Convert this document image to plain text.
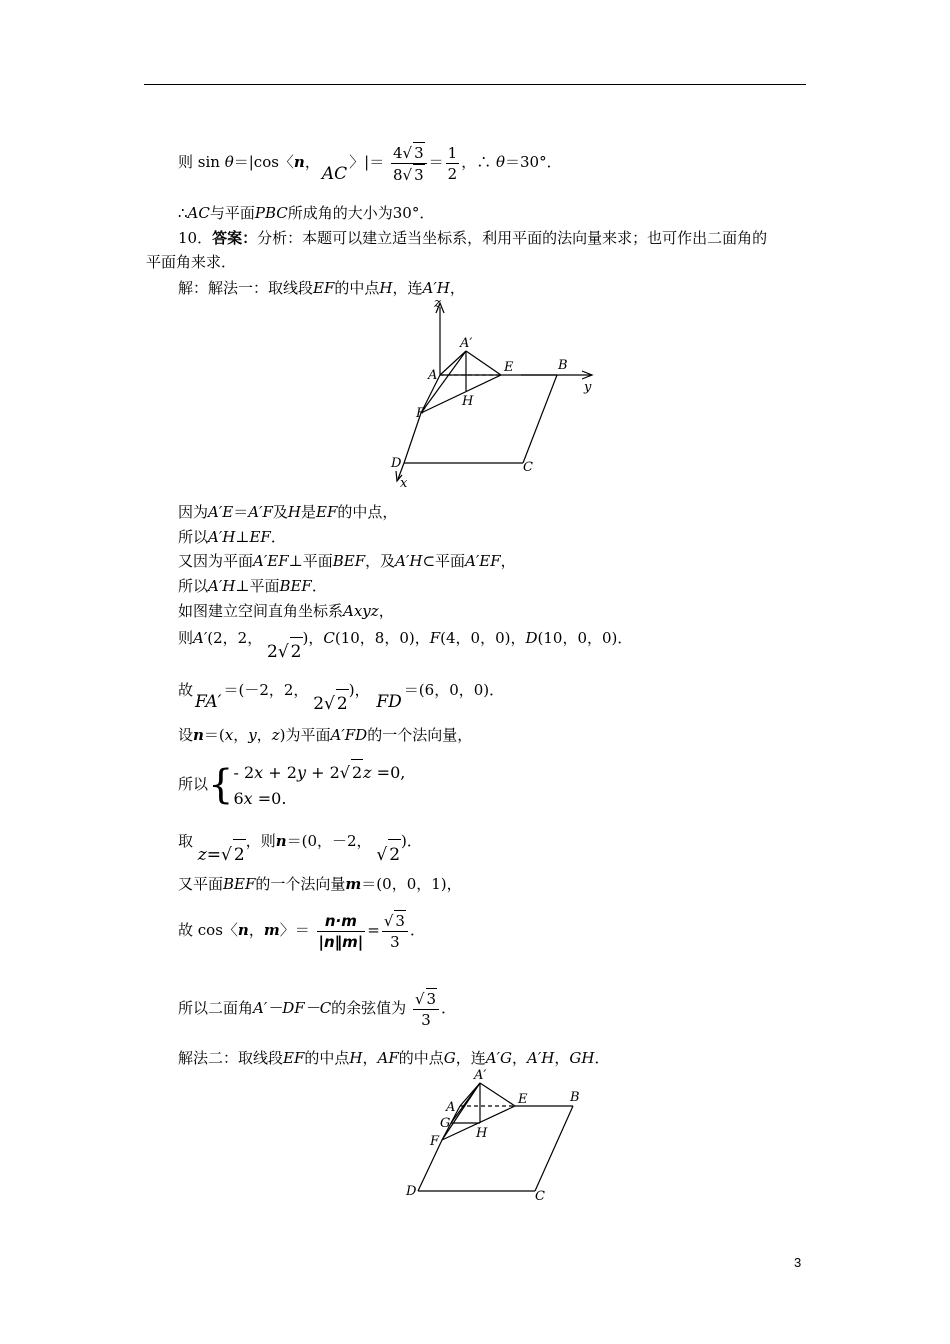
则 sin θ＝|cos〈n，AC〉|＝ $\frac{4√ 3}{8√ 3} = \frac{1}{2}$ ，∴ θ＝30°．
∴AC与平面PBC所成角的大小为30°．
10．答案：分析：本题可以建立适当坐标系，利用平面的法向量来求；也可作出二面角的
平面角来求．
解：解法一：取线段EF的中点H，连A′H，
z
y
x
A′
A
E	B
H
F
D	C
因为A′E＝A′F及H是EF的中点，
所以A′H⊥EF．
又因为平面A′EF⊥平面BEF，及A′H⊂平面A′EF，
所以A′H⊥平面BEF．
如图建立空间直角坐标系Axyz，
则A′(2，2， 2√ 2)，C(10，8，0)，F(4，0，0)，D(10，0，0)．
故FA′＝(－2，2， 2√ 2)， FD＝(6，0，0)．
设n＝(x，y，z)为平面A′FD的一个法向量，
所以{ - 2x + 2y + 2√ 2z =0,
6x =0.
取 z=√ 2，则n＝(0，－2， √ 2)．
又平面BEF的一个法向量m＝(0，0，1)，
故 cos〈n，m〉＝ $\frac{n\cdot m}{|n‖m|} = \frac{√ 3}{3}$ ．
所以二面角A′－DF－C的余弦值为 $\frac{√ 3}{3}$ ．
解法二：取线段EF的中点H，AF的中点G，连A′G，A′H，GH．
A′
A
G
E	B
H
F
D	C
3
